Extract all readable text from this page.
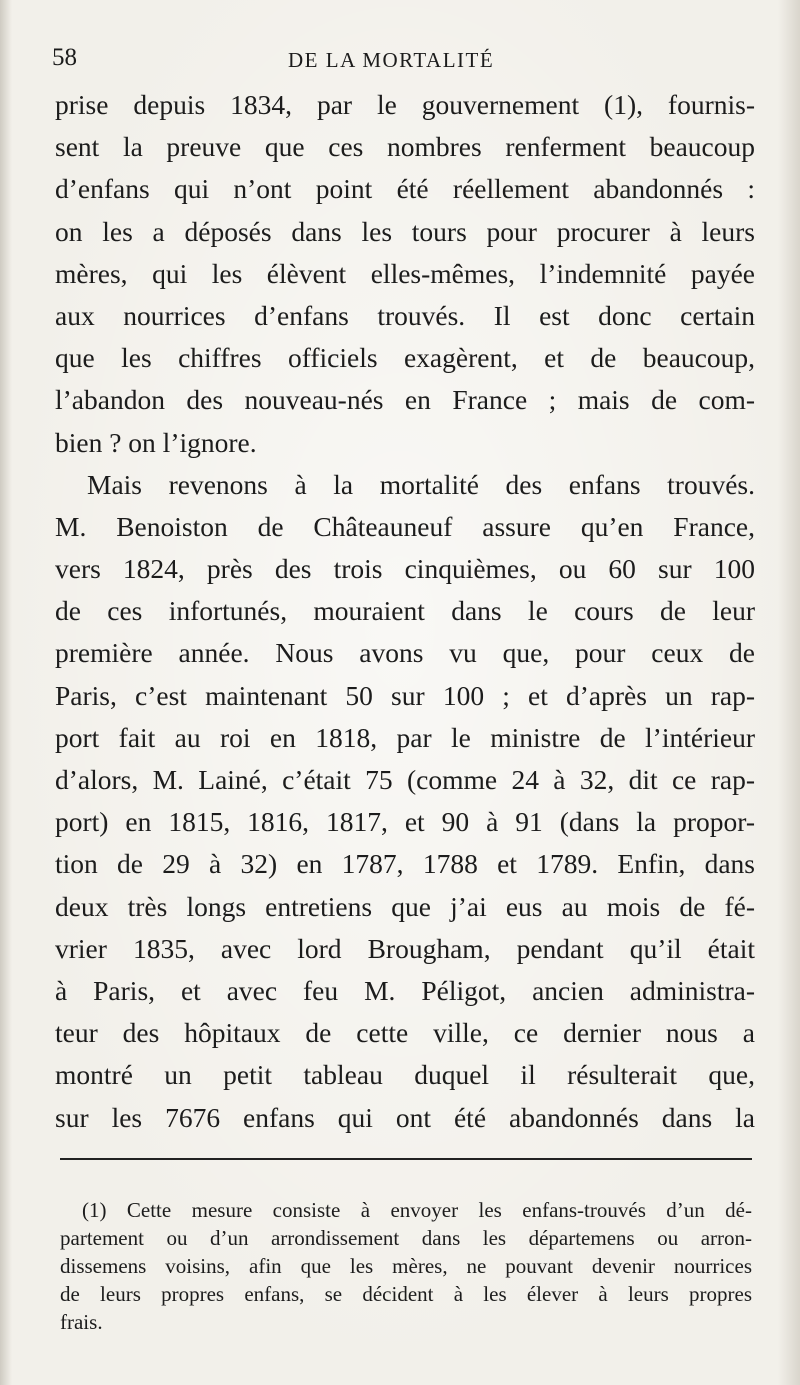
58	DE LA MORTALITÉ
prise depuis 1834, par le gouvernement (1), fournis-
sent la preuve que ces nombres renferment beaucoup
d’enfans qui n’ont point été réellement abandonnés :
on les a déposés dans les tours pour procurer à leurs
mères, qui les élèvent elles-mêmes, l’indemnité payée
aux nourrices d’enfans trouvés. Il est donc certain
que les chiffres officiels exagèrent, et de beaucoup,
l’abandon des nouveau-nés en France ; mais de com-
bien ? on l’ignore.
Mais revenons à la mortalité des enfans trouvés.
M. Benoiston de Châteauneuf assure qu’en France,
vers 1824, près des trois cinquièmes, ou 60 sur 100
de ces infortunés, mouraient dans le cours de leur
première année. Nous avons vu que, pour ceux de
Paris, c’est maintenant 50 sur 100 ; et d’après un rap-
port fait au roi en 1818, par le ministre de l’intérieur
d’alors, M. Lainé, c’était 75 (comme 24 à 32, dit ce rap-
port) en 1815, 1816, 1817, et 90 à 91 (dans la propor-
tion de 29 à 32) en 1787, 1788 et 1789. Enfin, dans
deux très longs entretiens que j’ai eus au mois de fé-
vrier 1835, avec lord Brougham, pendant qu’il était
à Paris, et avec feu M. Péligot, ancien administra-
teur des hôpitaux de cette ville, ce dernier nous a
montré un petit tableau duquel il résulterait que,
sur les 7676 enfans qui ont été abandonnés dans la
(1) Cette mesure consiste à envoyer les enfans-trouvés d’un dé-
partement ou d’un arrondissement dans les départemens ou arron-
dissemens voisins, afin que les mères, ne pouvant devenir nourrices
de leurs propres enfans, se décident à les élever à leurs propres
frais.
